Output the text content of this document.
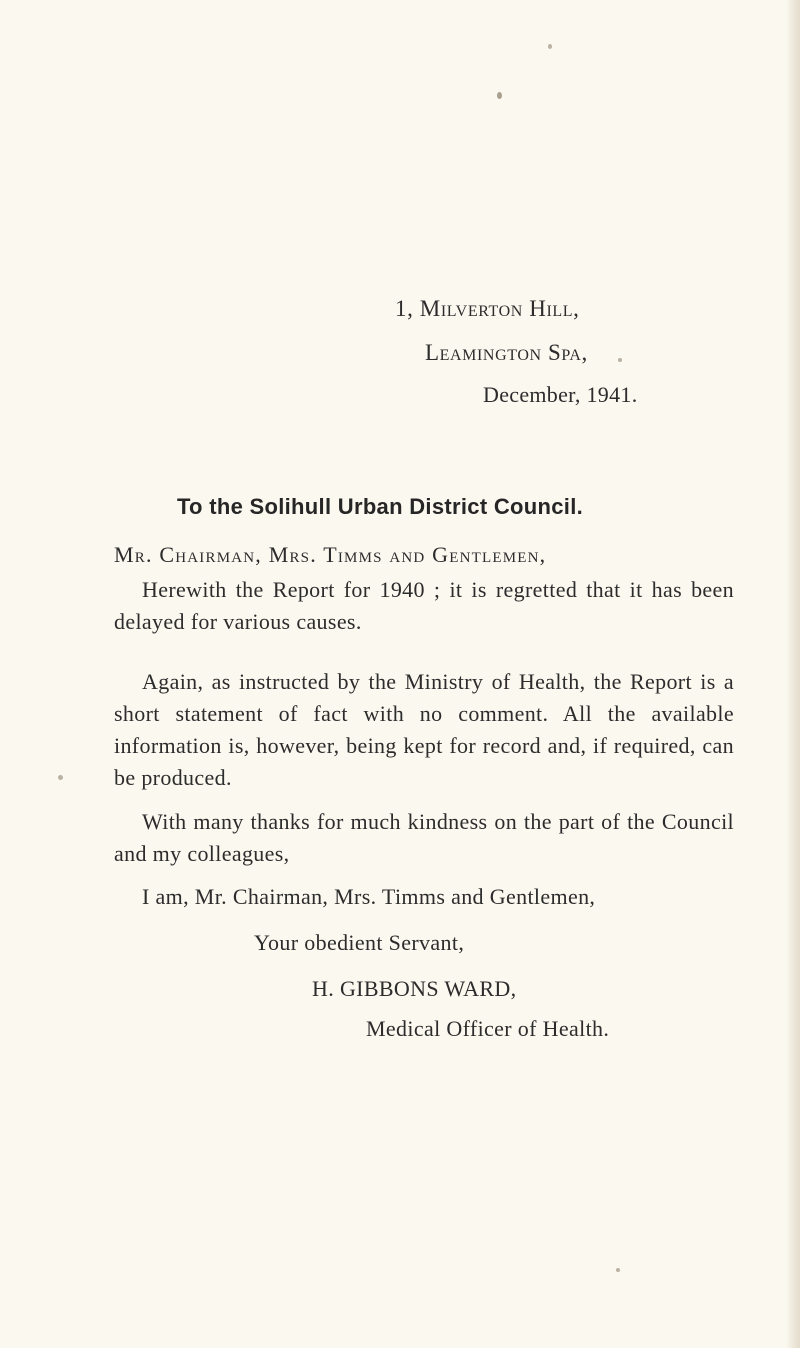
1, Milverton Hill,
Leamington Spa,
December, 1941.
To the Solihull Urban District Council.
Mr. Chairman, Mrs. Timms and Gentlemen,

Herewith the Report for 1940 ; it is regretted that it has been delayed for various causes.

Again, as instructed by the Ministry of Health, the Report is a short statement of fact with no comment. All the available information is, however, being kept for record and, if required, can be produced.

With many thanks for much kindness on the part of the Council and my colleagues,

I am, Mr. Chairman, Mrs. Timms and Gentlemen,
Your obedient Servant,
H. GIBBONS WARD,
Medical Officer of Health.
